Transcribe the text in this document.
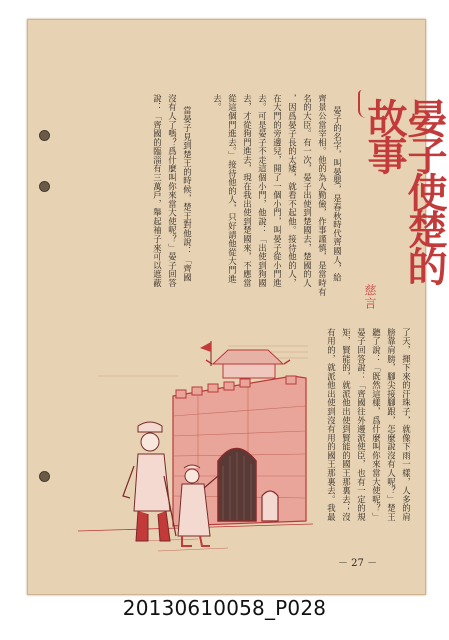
晏子使楚的故事
慈言
晏子的名字，叫晏嬰，是春秋時代齊國人，給
齊景公當宰相。他的為人勤儉，作事謹慎，是當時有
名的大臣。有一次，晏子出使到楚國去，楚國的人
，因爲晏子長的太矮，就看不起他。接待他的人，
在大門的旁邊兒，開了一個小門，叫晏子從小門進
去。可是晏子不走這個小門，他說：「出使到狗國
去，才從狗門進去，現在我出使到楚國來，不應當
從這個門進去。」接待他的人，只好請他從大門進
去。
當晏子見到楚王的時候，楚王對他說：「齊國
沒有人了嗎？爲什麼叫你來當大使呢？」晏子回答
說：「齊國的臨淄有三萬戶，舉起袖子來可以遮蔽
了天，揮下來的汗珠子，就像下雨一樣，人多的肩
膀靠肩膀，腳尖接腳跟，怎麼說沒有人呢？」楚王
聽了說：「既然這樣，爲什麼叫你來當大使呢？」
晏子回答說：「齊國往外邊派使臣，也有一定的規
矩，賢能的，就派他出使到賢能的國王那裏去；沒
有用的，就派他出使到沒有用的國王那裏去。我最
－ 27 －
20130610058_P028
